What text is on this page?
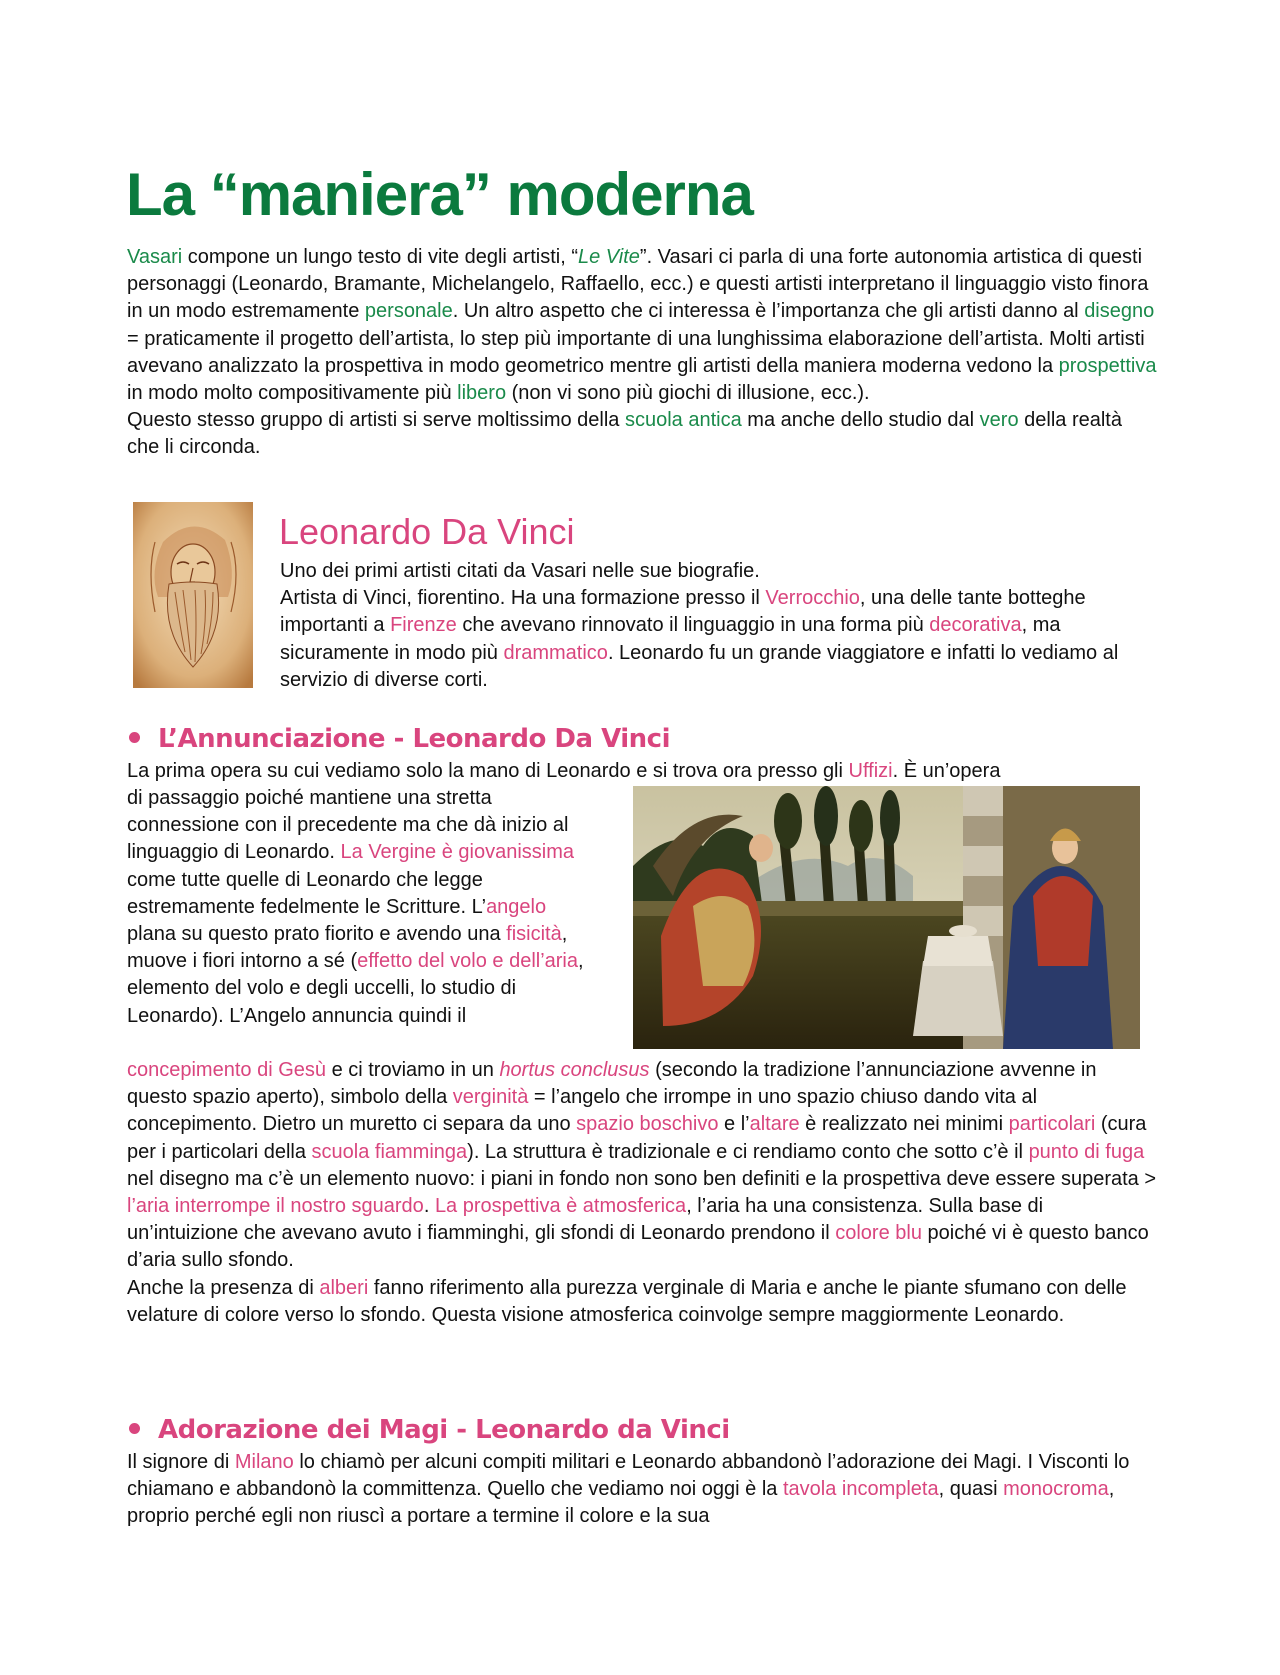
La “maniera” moderna
Vasari compone un lungo testo di vite degli artisti, “Le Vite”. Vasari ci parla di una forte autonomia artistica di questi personaggi (Leonardo, Bramante, Michelangelo, Raffaello, ecc.) e questi artisti interpretano il linguaggio visto finora in un modo estremamente personale. Un altro aspetto che ci interessa è l’importanza che gli artisti danno al disegno = praticamente il progetto dell’artista, lo step più importante di una lunghissima elaborazione dell’artista. Molti artisti avevano analizzato la prospettiva in modo geometrico mentre gli artisti della maniera moderna vedono la prospettiva in modo molto compositivamente più libero (non vi sono più giochi di illusione, ecc.).
Questo stesso gruppo di artisti si serve moltissimo della scuola antica ma anche dello studio dal vero della realtà che li circonda.
Leonardo Da Vinci
Uno dei primi artisti citati da Vasari nelle sue biografie.
Artista di Vinci, fiorentino. Ha una formazione presso il Verrocchio, una delle tante botteghe importanti a Firenze che avevano rinnovato il linguaggio in una forma più decorativa, ma sicuramente in modo più drammatico. Leonardo fu un grande viaggiatore e infatti lo vediamo al servizio di diverse corti.
L’Annunciazione - Leonardo Da Vinci
La prima opera su cui vediamo solo la mano di Leonardo e si trova ora presso gli Uffizi. È un’opera
di passaggio poiché mantiene una stretta connessione con il precedente ma che dà inizio al linguaggio di Leonardo. La Vergine è giovanissima come tutte quelle di Leonardo che legge estremamente fedelmente le Scritture. L’angelo plana su questo prato fiorito e avendo una fisicità, muove i fiori intorno a sé (effetto del volo e dell’aria, elemento del volo e degli uccelli, lo studio di Leonardo). L’Angelo annuncia quindi il
concepimento di Gesù e ci troviamo in un hortus conclusus (secondo la tradizione l’annunciazione avvenne in questo spazio aperto), simbolo della verginità = l’angelo che irrompe in uno spazio chiuso dando vita al concepimento. Dietro un muretto ci separa da uno spazio boschivo e l’altare è realizzato nei minimi particolari (cura per i particolari della scuola fiamminga). La struttura è tradizionale e ci rendiamo conto che sotto c’è il punto di fuga nel disegno ma c’è un elemento nuovo: i piani in fondo non sono ben definiti e la prospettiva deve essere superata > l’aria interrompe il nostro sguardo. La prospettiva è atmosferica, l’aria ha una consistenza. Sulla base di un’intuizione che avevano avuto i fiamminghi, gli sfondi di Leonardo prendono il colore blu poiché vi è questo banco d’aria sullo sfondo.
Anche la presenza di alberi fanno riferimento alla purezza verginale di Maria e anche le piante sfumano con delle velature di colore verso lo sfondo. Questa visione atmosferica coinvolge sempre maggiormente Leonardo.
Adorazione dei Magi - Leonardo da Vinci
Il signore di Milano lo chiamò per alcuni compiti militari e Leonardo abbandonò l’adorazione dei Magi. I Visconti lo chiamano e abbandonò la committenza. Quello che vediamo noi oggi è la tavola incompleta, quasi monocroma, proprio perché egli non riuscì a portare a termine il colore e la sua
